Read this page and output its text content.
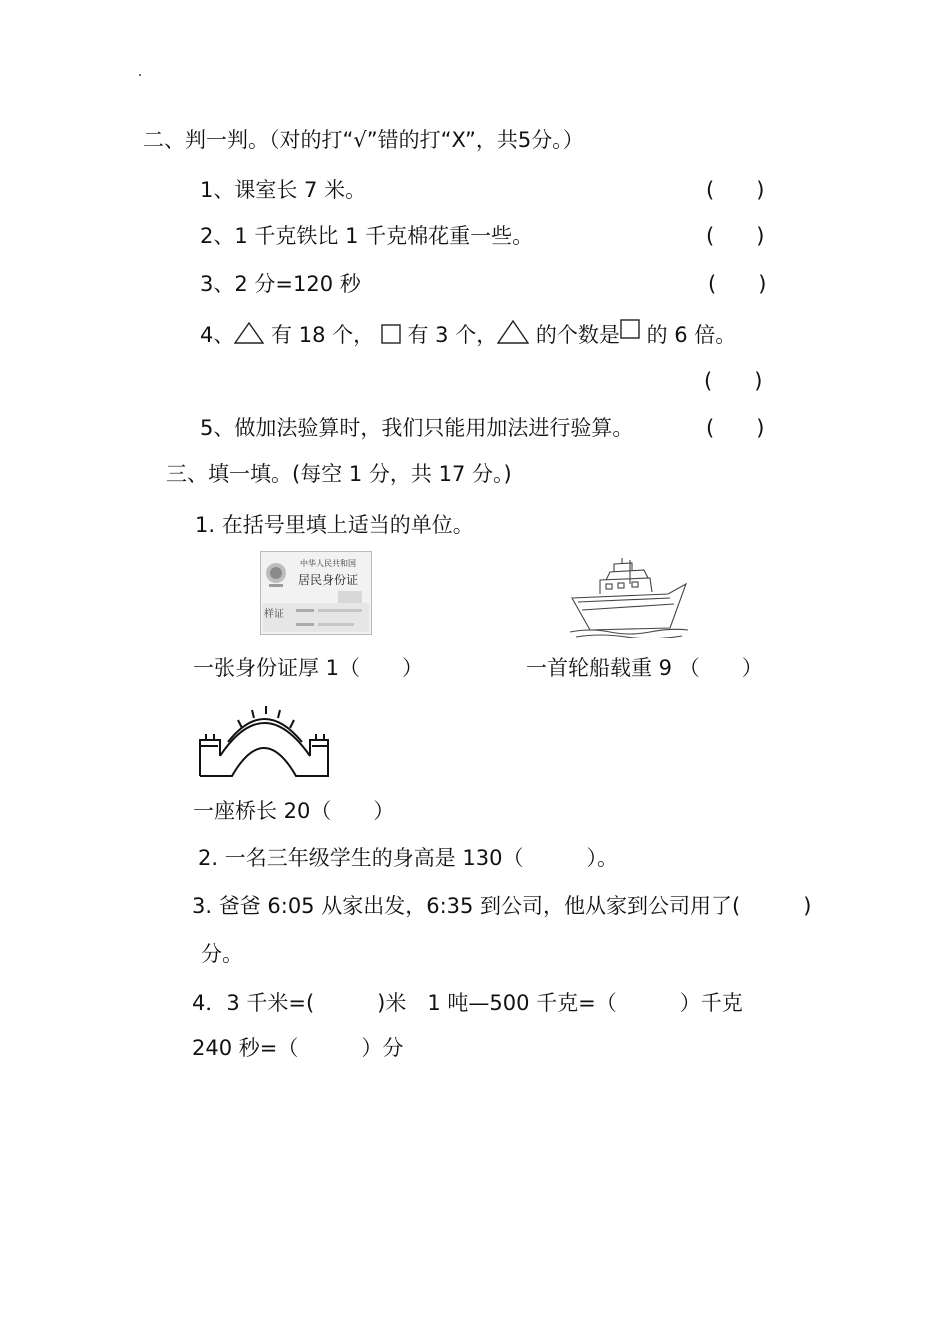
二、判一判。（对的打“√”错的打“X”，共5分。）
1、课室长 7 米。	(　　)
2、1 千克铁比 1 千克棉花重一些。	(　　)
3、2 分=120 秒	(　　)
4、 有 18 个，  有 3 个， 的个数是 的 6 倍。
(　　)
5、做加法验算时，我们只能用加法进行验算。	(　　)
三、填一填。(每空 1 分，共 17 分。)
1. 在括号里填上适当的单位。
中华人民共和国
居民身份证
样证
一张身份证厚 1（　　）	一首轮船载重 9 （　　）
一座桥长 20（　　）
2. 一名三年级学生的身高是 130（　　　）。
3. 爸爸 6:05 从家出发，6:35 到公司，他从家到公司用了(　　　)
分。
4．3 千米=(　　　)米　1 吨—500 千克=（　　　）千克
240 秒=（　　　）分
